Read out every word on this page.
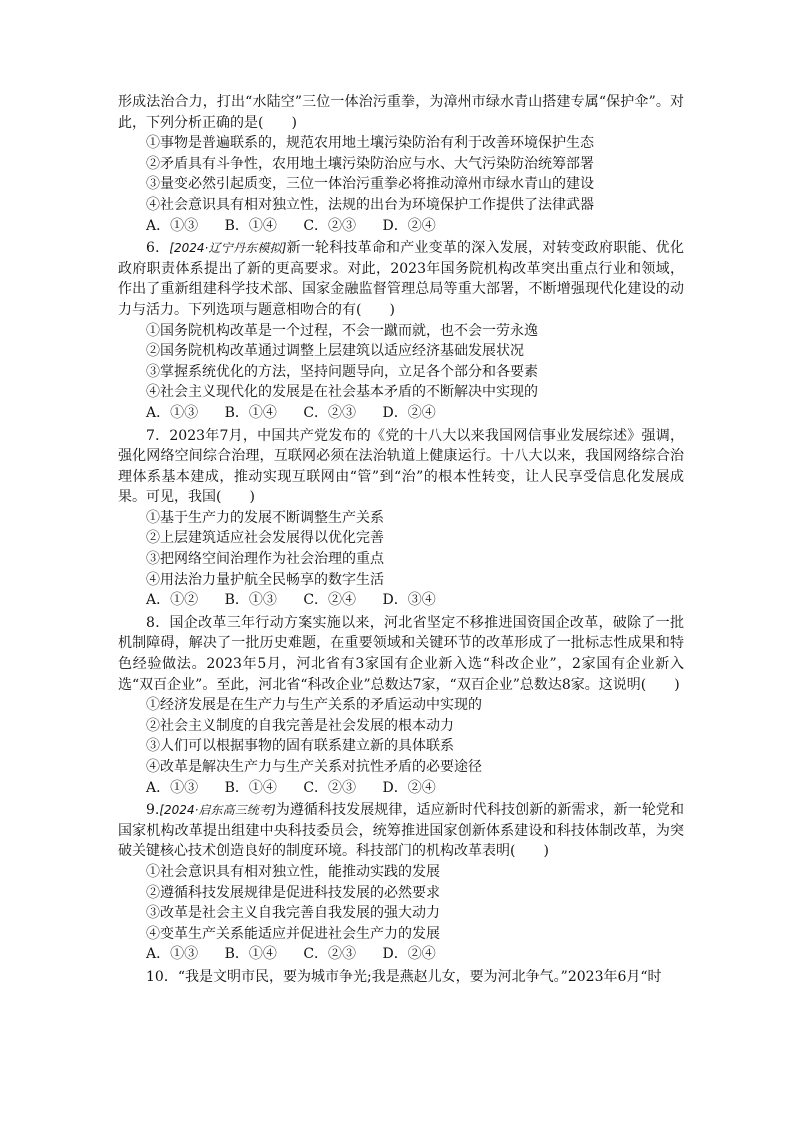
形成法治合力，打出“水陆空”三位一体治污重拳，为漳州市绿水青山搭建专属“保护伞”。对此，下列分析正确的是(　　)

①事物是普遍联系的，规范农用地土壤污染防治有利于改善环境保护生态

②矛盾具有斗争性，农用地土壤污染防治应与水、大气污染防治统筹部署

③量变必然引起质变，三位一体治污重拳必将推动漳州市绿水青山的建设

④社会意识具有相对独立性，法规的出台为环境保护工作提供了法律武器

A．①③ B．①④ C．②③ D．②④

6．[2024·辽宁丹东模拟]新一轮科技革命和产业变革的深入发展，对转变政府职能、优化政府职责体系提出了新的更高要求。对此，2023年国务院机构改革突出重点行业和领域，作出了重新组建科学技术部、国家金融监督管理总局等重大部署，不断增强现代化建设的动力与活力。下列选项与题意相吻合的有(　　)

①国务院机构改革是一个过程，不会一蹴而就，也不会一劳永逸

②国务院机构改革通过调整上层建筑以适应经济基础发展状况

③掌握系统优化的方法，坚持问题导向，立足各个部分和各要素

④社会主义现代化的发展是在社会基本矛盾的不断解决中实现的

A．①③ B．①④ C．②③ D．②④

7．2023年7月，中国共产党发布的《党的十八大以来我国网信事业发展综述》强调，强化网络空间综合治理，互联网必须在法治轨道上健康运行。十八大以来，我国网络综合治理体系基本建成，推动实现互联网由“管”到“治”的根本性转变，让人民享受信息化发展成果。可见，我国(　　)

①基于生产力的发展不断调整生产关系

②上层建筑适应社会发展得以优化完善

③把网络空间治理作为社会治理的重点

④用法治力量护航全民畅享的数字生活

A．①② B．①③ C．②④ D．③④

8．国企改革三年行动方案实施以来，河北省坚定不移推进国资国企改革，破除了一批机制障碍，解决了一批历史难题，在重要领域和关键环节的改革形成了一批标志性成果和特色经验做法。2023年5月，河北省有3家国有企业新入选“科改企业”，2家国有企业新入选“双百企业”。至此，河北省“科改企业”总数达7家，“双百企业”总数达8家。这说明(　　)

①经济发展是在生产力与生产关系的矛盾运动中实现的

②社会主义制度的自我完善是社会发展的根本动力

③人们可以根据事物的固有联系建立新的具体联系

④改革是解决生产力与生产关系对抗性矛盾的必要途径

A．①③ B．①④ C．②③ D．②④

9.[2024·启东高三统考]为遵循科技发展规律，适应新时代科技创新的新需求，新一轮党和国家机构改革提出组建中央科技委员会，统筹推进国家创新体系建设和科技体制改革，为突破关键核心技术创造良好的制度环境。科技部门的机构改革表明(　　)

①社会意识具有相对独立性，能推动实践的发展

②遵循科技发展规律是促进科技发展的必然要求

③改革是社会主义自我完善自我发展的强大动力

④变革生产关系能适应并促进社会生产力的发展

A．①③ B．①④ C．②③ D．②④

10．“我是文明市民，要为城市争光;我是燕赵儿女，要为河北争气。”2023年6月“时
